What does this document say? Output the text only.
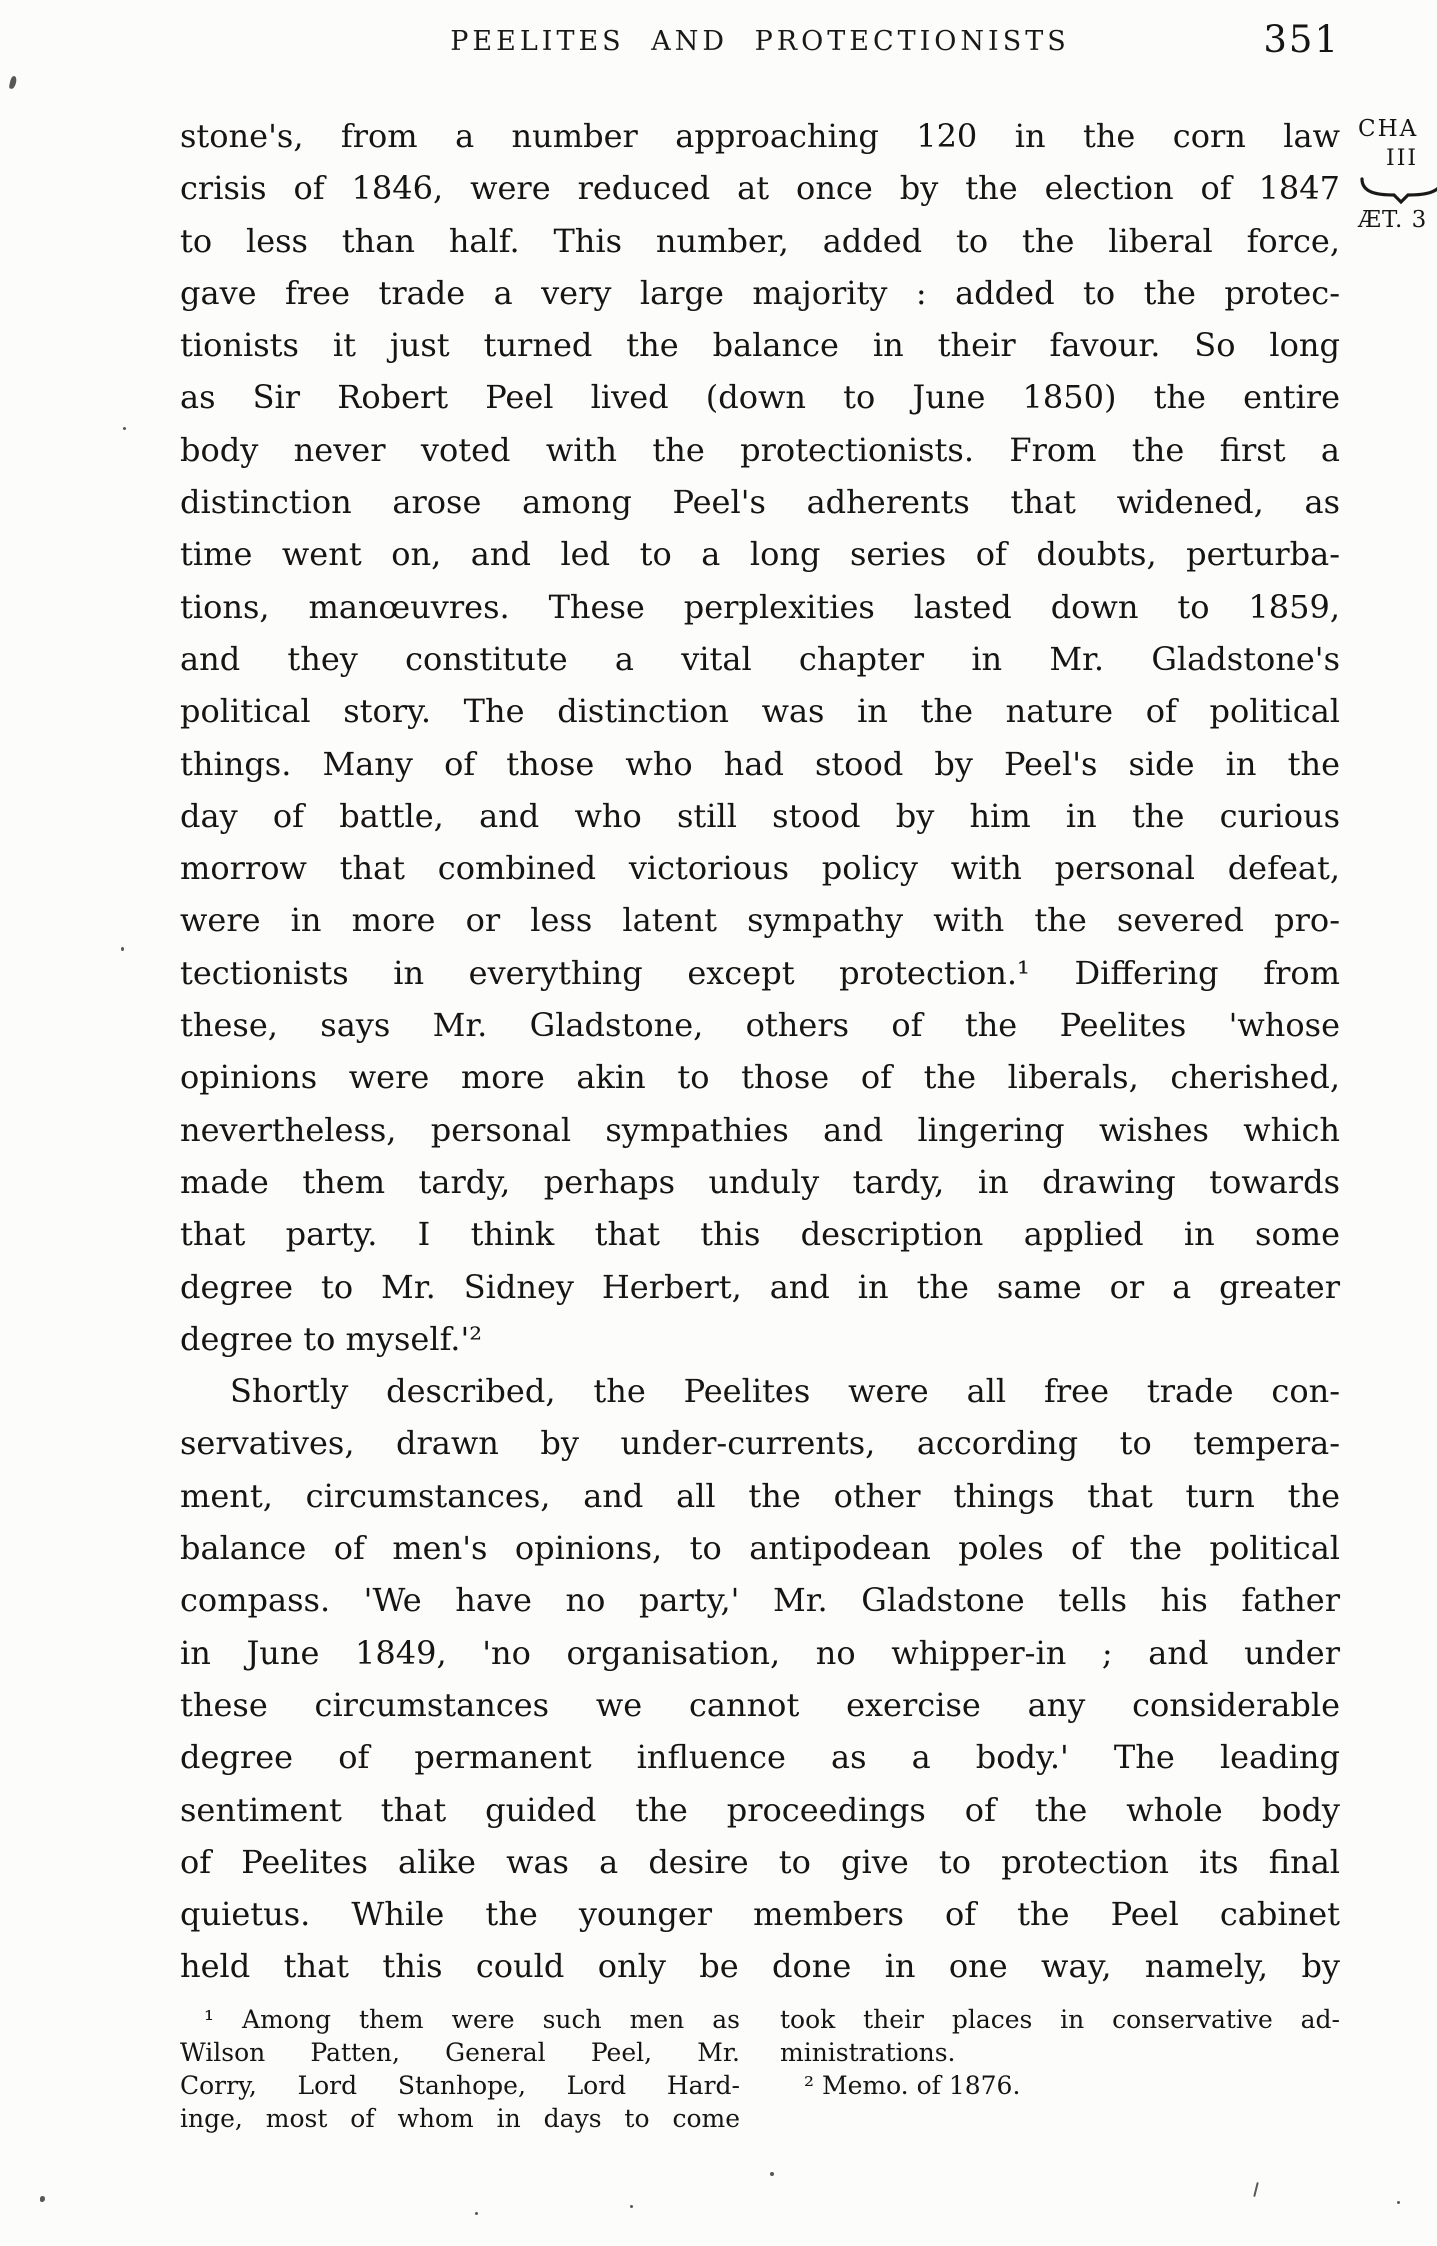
PEELITES AND PROTECTIONISTS	351
CHA
III
ÆT. 3
stone's, from a number approaching 120 in the corn law
crisis of 1846, were reduced at once by the election of 1847
to less than half. This number, added to the liberal force,
gave free trade a very large majority : added to the protec-
tionists it just turned the balance in their favour. So long
as Sir Robert Peel lived (down to June 1850) the entire
body never voted with the protectionists. From the first a
distinction arose among Peel's adherents that widened, as
time went on, and led to a long series of doubts, perturba-
tions, manœuvres. These perplexities lasted down to 1859,
and they constitute a vital chapter in Mr. Gladstone's
political story. The distinction was in the nature of political
things. Many of those who had stood by Peel's side in the
day of battle, and who still stood by him in the curious
morrow that combined victorious policy with personal defeat,
were in more or less latent sympathy with the severed pro-
tectionists in everything except protection.¹ Differing from
these, says Mr. Gladstone, others of the Peelites 'whose
opinions were more akin to those of the liberals, cherished,
nevertheless, personal sympathies and lingering wishes which
made them tardy, perhaps unduly tardy, in drawing towards
that party. I think that this description applied in some
degree to Mr. Sidney Herbert, and in the same or a greater
degree to myself.'²
Shortly described, the Peelites were all free trade con-
servatives, drawn by under-currents, according to tempera-
ment, circumstances, and all the other things that turn the
balance of men's opinions, to antipodean poles of the political
compass. 'We have no party,' Mr. Gladstone tells his father
in June 1849, 'no organisation, no whipper-in ; and under
these circumstances we cannot exercise any considerable
degree of permanent influence as a body.' The leading
sentiment that guided the proceedings of the whole body
of Peelites alike was a desire to give to protection its final
quietus. While the younger members of the Peel cabinet
held that this could only be done in one way, namely, by
¹ Among them were such men as
Wilson Patten, General Peel, Mr.
Corry, Lord Stanhope, Lord Hard-
inge, most of whom in days to come
took their places in conservative ad-
ministrations.
² Memo. of 1876.
